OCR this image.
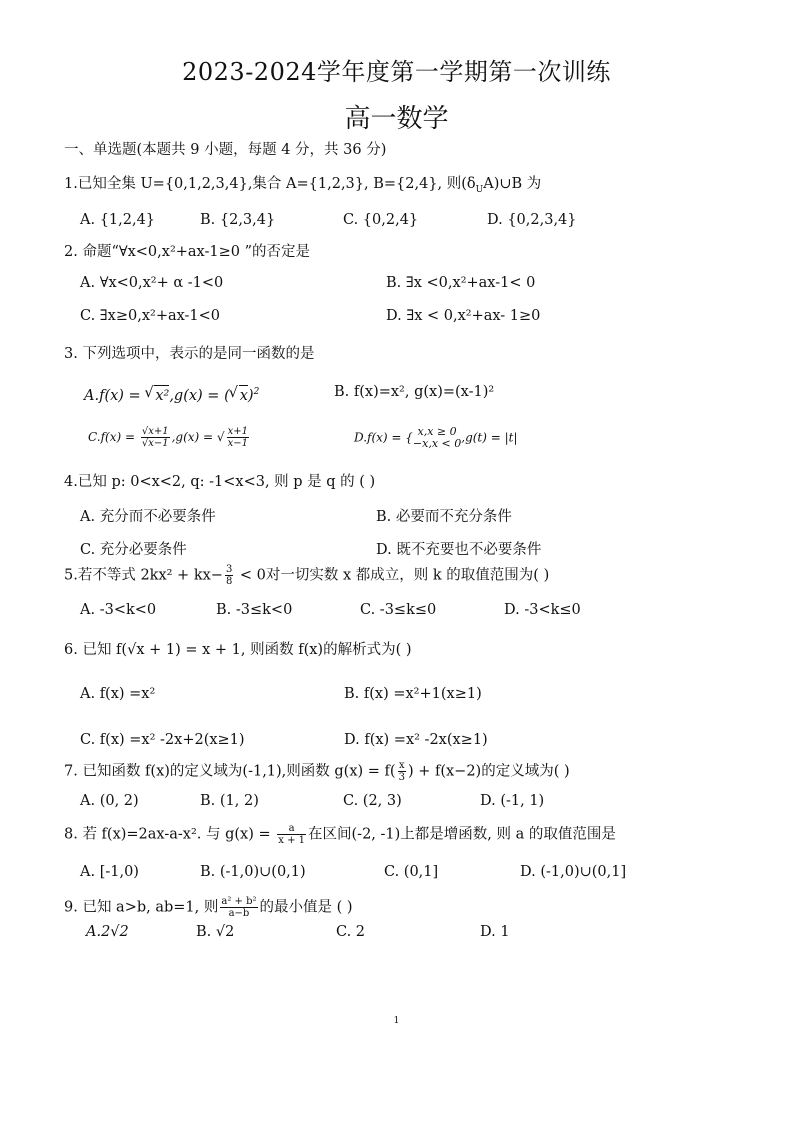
2023-2024学年度第一学期第一次训练
高一数学
一、单选题(本题共 9 小题，每题 4 分，共 36 分)
1.已知全集 U={0,1,2,3,4},集合 A={1,2,3}, B={2,4}, 则$(\delta_UA)\cup B$ 为
A. {1,2,4}	B. {2,3,4}	C. {0,2,4}	D. {0,2,3,4}
2. 命题“∀x<0,x²+ax-1≥0 ”的否定是
A. ∀x<0,x²+ α -1<0	B. ∃x <0,x²+ax-1< 0
C. ∃x≥0,x²+ax-1<0	D. ∃x < 0,x²+ax- 1≥0
3. 下列选项中，表示的是同一函数的是
A.f(x) = √ x²,g(x) = (√ x)$^2$	B. f(x)=x², g(x)=(x-1)²
$C.f(x) = \frac{√x+1}{√x-1} ,g(x)$ = √ $\frac{x+1}{x-1}$	D.f(x) = { x,x ≥ 0
−x,x < 0 ,g(t) = |t|
4.已知 p: 0<x<2, q: -1<x<3, 则 p 是 q 的 ( )
A. 充分而不必要条件	B. 必要而不充分条件
C. 充分必要条件	D. 既不充要也不必要条件
5.若不等式 $2kx^2 + kx- \frac{3}{8} < 0$对一切实数 x 都成立，则 k 的取值范围为( )
A. -3<k<0	B. -3≤k<0	C. -3≤k≤0	D. -3<k≤0
6. 已知 f(√x + 1) = x + 1, 则函数 f(x)的解析式为( )
A. f(x) =x²	B. f(x) =x²+1(x≥1)
C. f(x) =x² -2x+2(x≥1)	D. f(x) =x² -2x(x≥1)
7. 已知函数 f(x)的定义域为(-1,1),则函数 $g(x) = f( \frac{x}{3}$ ) + f(x−2)的定义域为( )
A. (0, 2)	B. (1, 2)	C. (2, 3)	D. (-1, 1)
8. 若 f(x)=2ax-a-x². 与 $g(x) = \frac{a}{x + 1}$ 在区间(-2, -1)上都是增函数, 则 a 的取值范围是
A. [-1,0)	B. (-1,0)∪(0,1)	C. (0,1]	D. (-1,0)∪(0,1]
9. 已知 a>b, ab=1, 则 $\frac{\text{a² + b²}}{a-b}$ 的最小值是 ( )
A.2√2	B. √2	C. 2	D. 1
1
